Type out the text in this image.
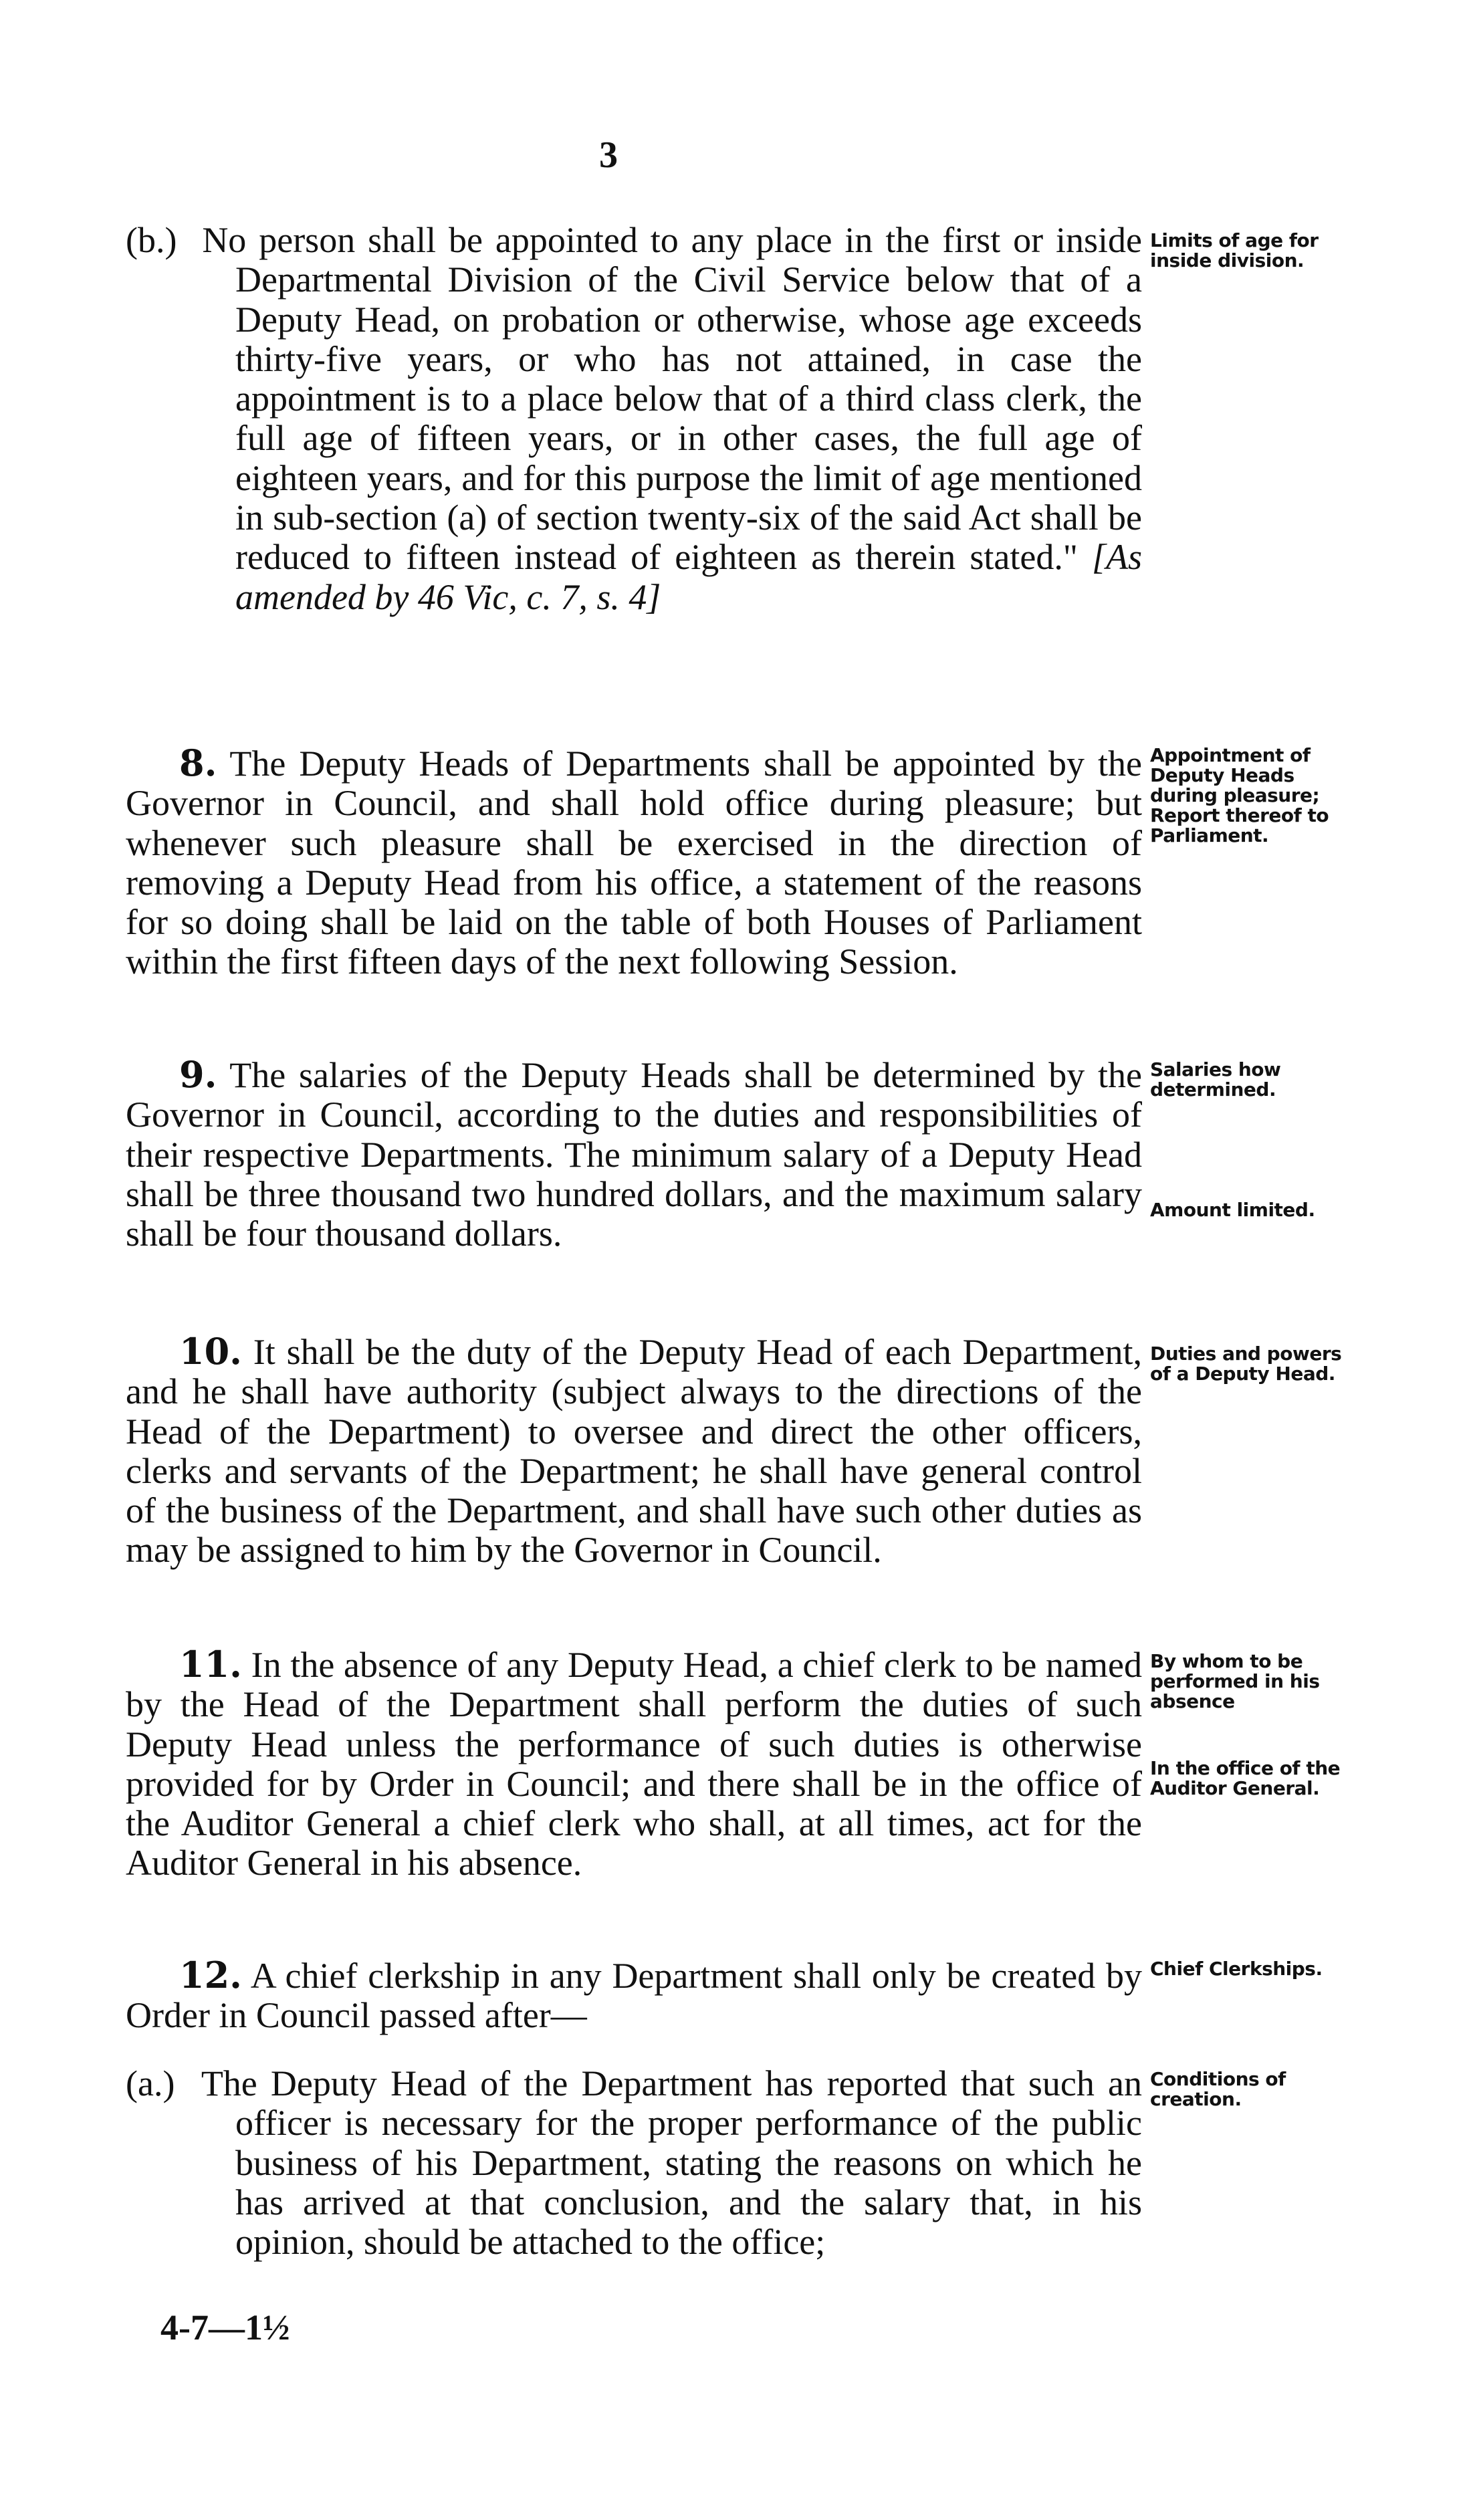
3
(b.) No person shall be appointed to any place in the first or inside Departmental Division of the Civil Service below that of a Deputy Head, on probation or otherwise, whose age exceeds thirty-five years, or who has not attained, in case the appointment is to a place below that of a third class clerk, the full age of fifteen years, or in other cases, the full age of eighteen years, and for this purpose the limit of age mentioned in sub-section (a) of section twenty-six of the said Act shall be reduced to fifteen instead of eighteen as therein stated." [As amended by 46 Vic, c. 7, s. 4]
8. The Deputy Heads of Departments shall be appointed by the Governor in Council, and shall hold office during pleasure; but whenever such pleasure shall be exercised in the direction of removing a Deputy Head from his office, a statement of the reasons for so doing shall be laid on the table of both Houses of Parliament within the first fifteen days of the next following Session.
9. The salaries of the Deputy Heads shall be determined by the Governor in Council, according to the duties and responsibilities of their respective Departments. The minimum salary of a Deputy Head shall be three thousand two hundred dollars, and the maximum salary shall be four thousand dollars.
10. It shall be the duty of the Deputy Head of each Department, and he shall have authority (subject always to the directions of the Head of the Department) to oversee and direct the other officers, clerks and servants of the Department; he shall have general control of the business of the Department, and shall have such other duties as may be assigned to him by the Governor in Council.
11. In the absence of any Deputy Head, a chief clerk to be named by the Head of the Department shall perform the duties of such Deputy Head unless the performance of such duties is otherwise provided for by Order in Council; and there shall be in the office of the Auditor General a chief clerk who shall, at all times, act for the Auditor General in his absence.
12. A chief clerkship in any Department shall only be created by Order in Council passed after—
(a.) The Deputy Head of the Department has reported that such an officer is necessary for the proper performance of the public business of his Department, stating the reasons on which he has arrived at that conclusion, and the salary that, in his opinion, should be attached to the office;
Limits of age for inside division.
Appointment of Deputy Heads during pleasure; Report thereof to Parliament.
Salaries how determined.
Amount limited.
Duties and powers of a Deputy Head.
By whom to be performed in his absence
In the office of the Auditor General.
Chief Clerkships.
Conditions of creation.
4-7—1½
